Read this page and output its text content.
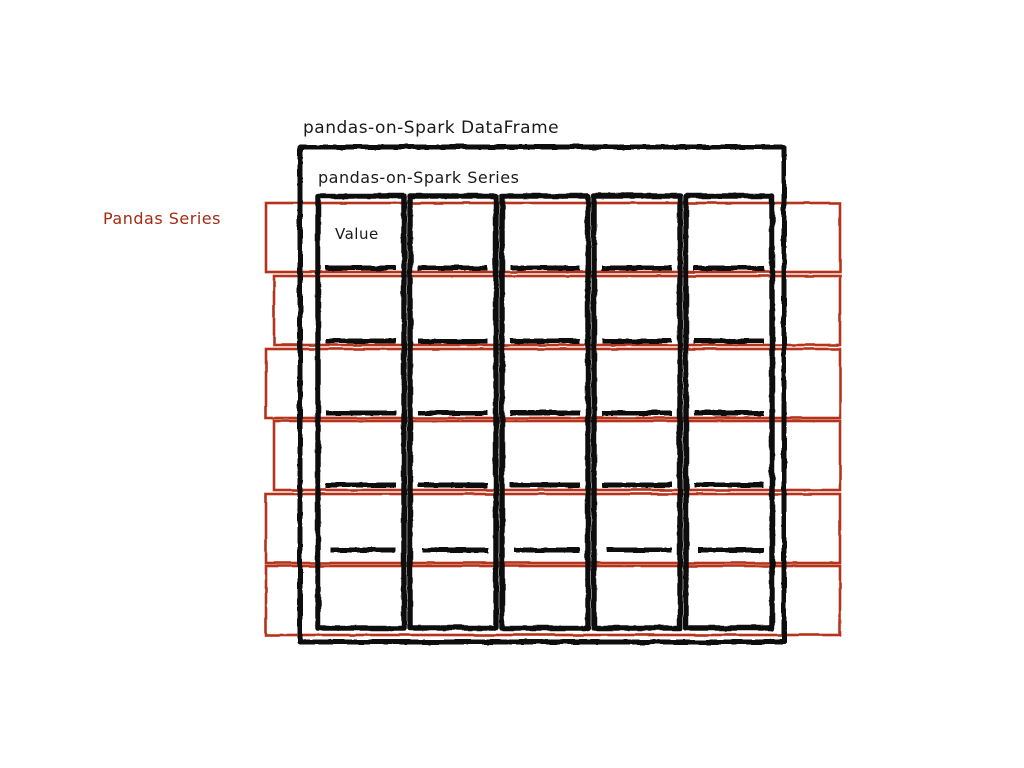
pandas-on-Spark DataFrame
pandas-on-Spark Series
Value
Pandas Series
